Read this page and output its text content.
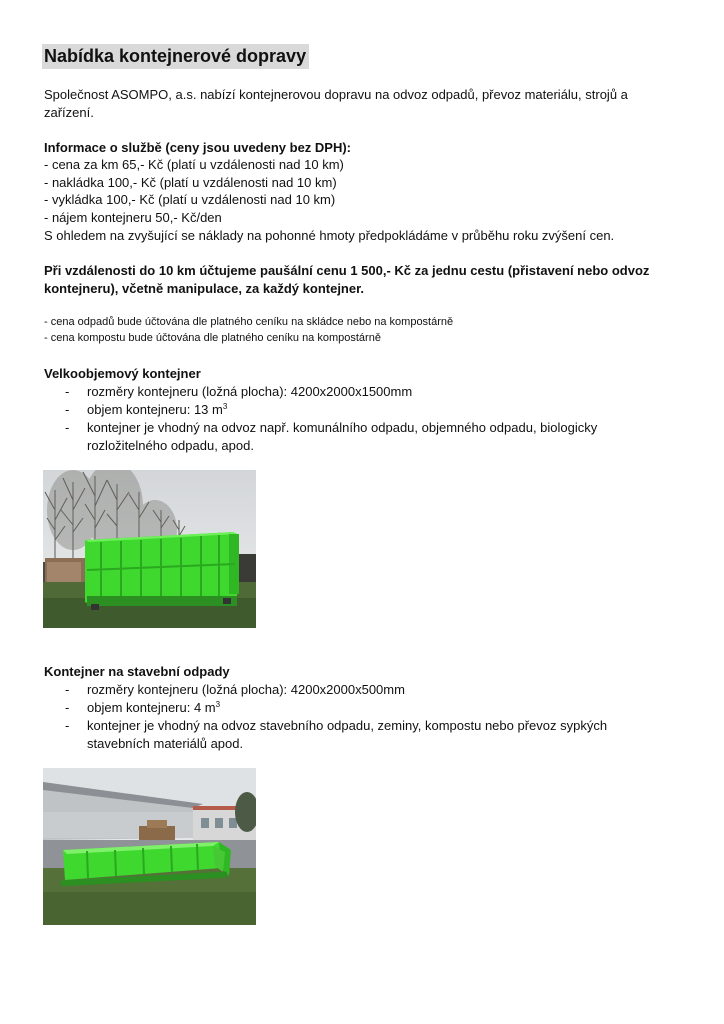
Nabídka kontejnerové dopravy

Společnost ASOMPO, a.s. nabízí kontejnerovou dopravu na odvoz odpadů, převoz materiálu, strojů a zařízení.

Informace o službě (ceny jsou uvedeny bez DPH):

- cena za km 65,- Kč (platí u vzdálenosti nad 10 km)

- nakládka 100,- Kč (platí u vzdálenosti nad 10 km)

- vykládka 100,- Kč (platí u vzdálenosti nad 10 km)

- nájem kontejneru 50,- Kč/den

S ohledem na zvyšující se náklady na pohonné hmoty předpokládáme v průběhu roku zvýšení cen.

Při vzdálenosti do 10 km účtujeme paušální cenu 1 500,- Kč za jednu cestu (přistavení nebo odvoz kontejneru), včetně manipulace, za každý kontejner.

- cena odpadů bude účtována dle platného ceníku na skládce nebo na kompostárně

- cena kompostu bude účtována dle platného ceníku na kompostárně

Velkoobjemový kontejner

- rozměry kontejneru (ložná plocha): 4200x2000x1500mm
- objem kontejneru: 13 $m^3$
- kontejner je vhodný na odvoz např. komunálního odpadu, objemného odpadu, biologicky rozložitelného odpadu, apod.

Kontejner na stavební odpady

- rozměry kontejneru (ložná plocha): 4200x2000x500mm
- objem kontejneru: 4 $m^3$
- kontejner je vhodný na odvoz stavebního odpadu, zeminy, kompostu nebo převoz sypkých stavebních materiálů apod.
